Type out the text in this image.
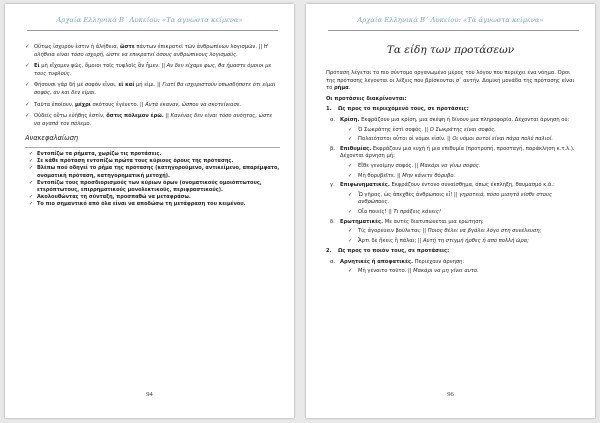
Αρχαία Ελληνικά Β΄ Λυκείου: «Τα άγνωστα κείμενα»
✓ Οὕτως ἰσχυρὸν ἐστιν ἡ ἀλήθεια, ὥστε πάντων ἐπικρατεῖ τῶν ἀνθρωπίνων λογισμῶν. || Η αλήθεια είναι τόσο ισχυρή, ώστε να επικρατεί όσους ανθρώπινους λογισμούς.
✓ Εἰ μὴ εἴχομεν φῶς, ὅμοιοι τοῖς τυφλοῖς ἂν ἦμεν. || Αν δεν είχαμε φως, θα ήμαστε όμοιοι με τους τυφλούς.
✓ Φήσουσι γάρ δή μέ σοφόν εἶναι, εἰ καί μή εἰμι. || Γιατί θα ισχυριστούν οπωσδήποτε ότι είμαι σοφός, αν και δεν είμαι.
✓ Ταῦτα ἐποίουν, μέχρι σκότους ἐγένετο. || Αυτά έκαναν, ώσπου να σκοτείνιασε.
✓ Οὐδείς οὕτω εὐήθης ἐστίν, ὅστις πόλεμον ἐρῶ. || Κανένας δεν είναι τόσο ανόητος, ώστε να αγαπά τον πόλεμο.
Ανακεφαλαίωση
✓ Εντοπίζω τα ρήματα, χωρίζω τις προτάσεις.
✓ Σε κάθε πρόταση εντοπίζω πρώτα τους κύριους όρους της πρότασης.
✓ Βλέπω πού οδηγεί το ρήμα της πρότασης (κατηγορούμενο, αντικείμενο, απαρέμφατο, ονοματική πρόταση, κατηγορηματική μετοχή).
✓ Εντοπίζω τους προσδιορισμούς των κύριων όρων (ονοματικούς ομοιόπτωτους, ετερόπτωτους, επιρρηματικούς μονολεκτικούς, περιφραστικούς).
✓ Ακολουθώντας τη σύνταξη, προσπαθώ να μεταφράσω.
✓ Το πιο σημαντικό από όλα είναι να αποδώσω τη μετάφραση του κειμένου.
94
Αρχαία Ελληνικά Β΄ Λυκείου: «Τα άγνωστα κείμενα»
Τα είδη των προτάσεων
Πρόταση λέγεται το πιο σύντομο οργανωμένο μέρος του λόγου που περιέχει ένα νόημα. Όροι της πρότασης λέγονται οι λέξεις που βρίσκονται σ΄ αυτήν. Δομική μονάδα της πρότασης είναι το ρήμα.
Οι προτάσεις διακρίνονται:
1.	Ως προς το περιεχόμενό τους, σε προτάσεις:
α. Κρίση. Εκφράζουν μια κρίση, μια σκέψη ή δίνουν μια πληροφορία. Δέχονται άρνηση ού:
✓	Ὁ Σωκράτης ἐστὶ σοφός. || Ο Σωκράτης είναι σοφός.
✓	Παλαιότατοι οὗτοι οἱ νόμοι εἰσίν. || Οι νόμοι αυτοί είναι πάρα πολύ παλιοί.
β. Επιθυμίας. Εκφράζουν μια ευχή ή μια επιθυμία (προτροπή, προσταγή, παράκληση κ.τ.λ.). Δέχονται άρνηση μή:
✓	Εἴθε γενοίμην σοφός. || Μακάρι να γίνω σοφός.
✓	Μὴ θορυβεῖτε. || Μην κάνετε θόρυβο.
γ.	Επιφωνηματικές. Εκφράζουν έντονο συναίσθημα, όπως έκπληξη, θαυμασμό κ.ά.:
✓	Ὦ γῆρας, ὡς ἀπεχθὲς ἀνθρώποις εἶ! || γηρατειά, πόσο μισητά είσθε στους ανθρώπους.
✓	Οἷα ποιεῖς! || Τι πράξεις κάνεις!
δ. Ερωτηματικές. Με αυτές διατυπώνεται μια ερώτηση:
✓	Τίς ἀγορεύειν βούλεται; || Ποιος θέλει να βγάλει λόγο στη συνέλευση;
✓	Ἆρτι δὲ ἥκεις ἢ πάλαι; || Αυτή τη στιγμή ήρθες ή από πολλή ώρα;
2.	Ως προς το ποιόν τους, σε προτάσεις:
α. Αρνητικές ή αποφατικές. Περιέχουν άρνηση:
✓	Μὴ γένοιτο τοῦτο. || Μακάρι να μη γίνει αυτό.
96
